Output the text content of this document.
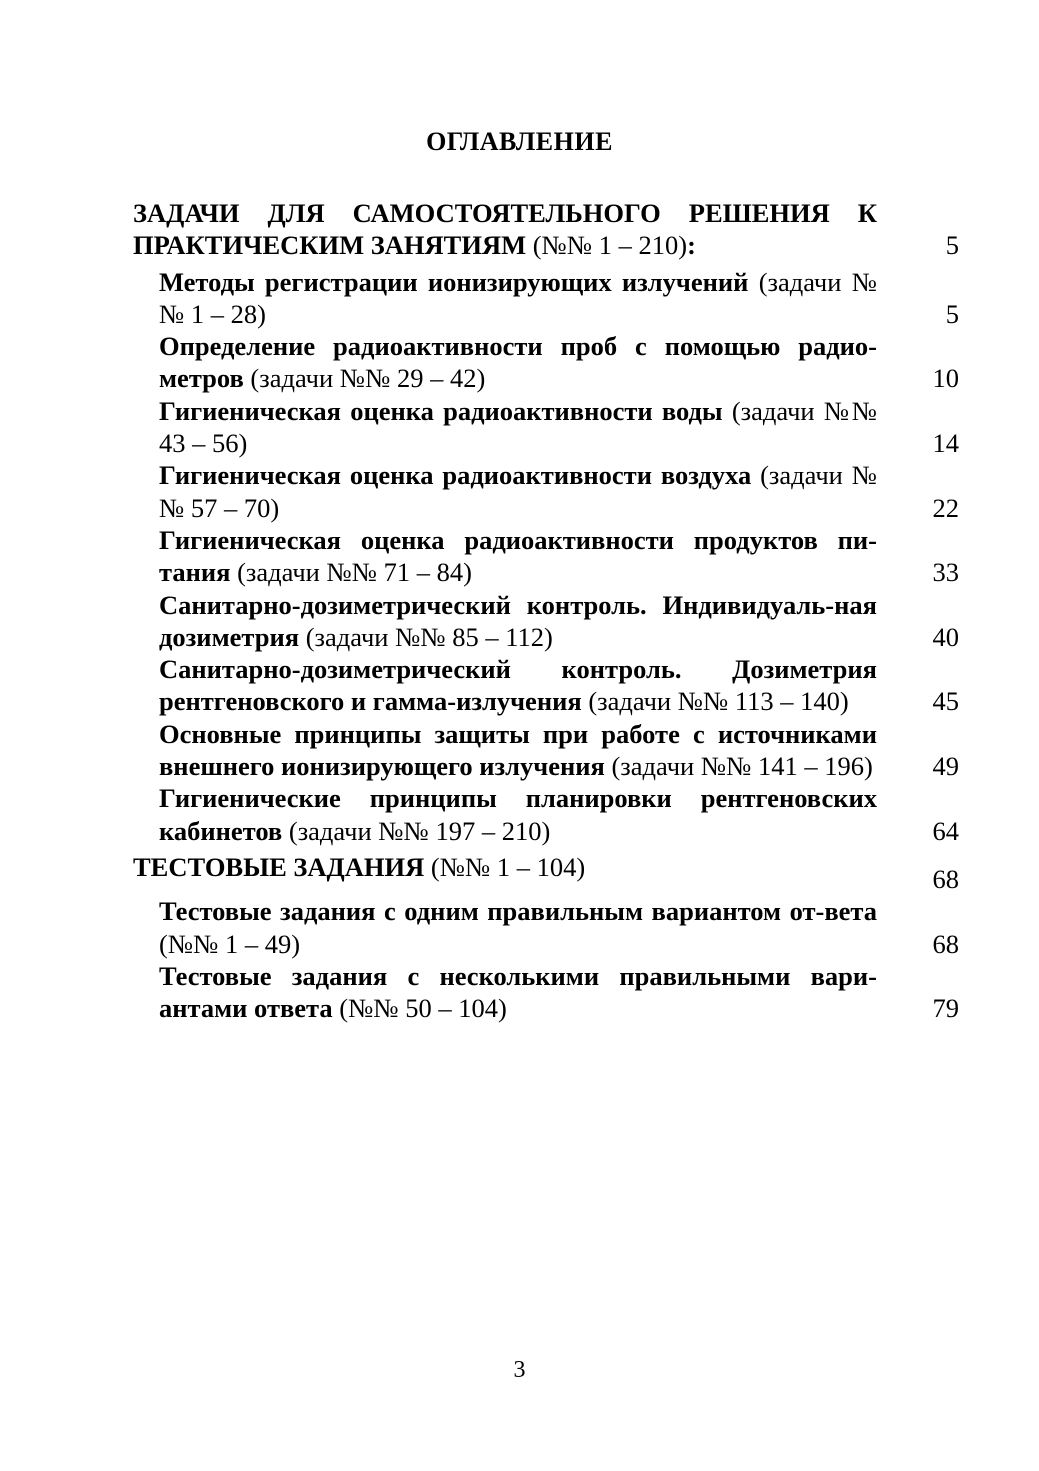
ОГЛАВЛЕНИЕ
ЗАДАЧИ ДЛЯ САМОСТОЯТЕЛЬНОГО РЕШЕНИЯ К ПРАКТИЧЕСКИМ ЗАНЯТИЯМ (№№ 1 – 210):	5
Методы регистрации ионизирующих излучений (задачи №№ 1 – 28)	5
Определение радиоактивности проб с помощью радио-метров (задачи №№ 29 – 42)	10
Гигиеническая оценка радиоактивности воды (задачи №№ 43 – 56)	14
Гигиеническая оценка радиоактивности воздуха (задачи №№ 57 – 70)	22
Гигиеническая оценка радиоактивности продуктов пи-тания (задачи №№ 71 – 84)	33
Санитарно-дозиметрический контроль. Индивидуаль-ная дозиметрия (задачи №№ 85 – 112)	40
Санитарно-дозиметрический контроль. Дозиметрия рентгеновского и гамма-излучения (задачи №№ 113 – 140)	45
Основные принципы защиты при работе с источниками внешнего ионизирующего излучения (задачи №№ 141 – 196)	49
Гигиенические принципы планировки рентгеновских кабинетов (задачи №№ 197 – 210)	64
ТЕСТОВЫЕ ЗАДАНИЯ (№№ 1 – 104)	68
Тестовые задания с одним правильным вариантом от-вета (№№ 1 – 49)	68
Тестовые задания с несколькими правильными вари-антами ответа (№№ 50 – 104)	79
3
